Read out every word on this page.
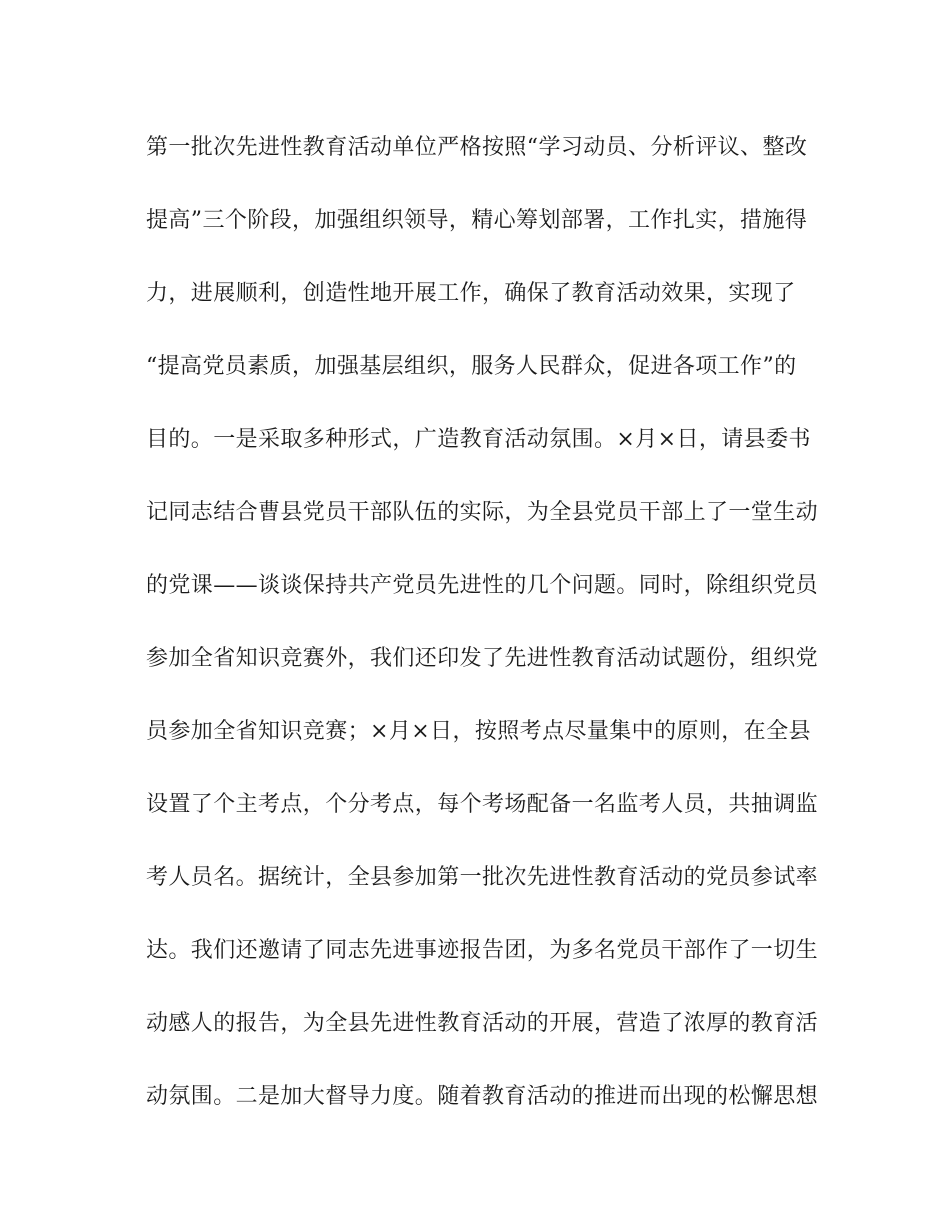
第一批次先进性教育活动单位严格按照“学习动员、分析评议、整改
提高”三个阶段，加强组织领导，精心筹划部署，工作扎实，措施得
力，进展顺利，创造性地开展工作，确保了教育活动效果，实现了
“提高党员素质，加强基层组织，服务人民群众，促进各项工作”的
目的。一是采取多种形式，广造教育活动氛围。×月×日，请县委书
记同志结合曹县党员干部队伍的实际，为全县党员干部上了一堂生动
的党课——谈谈保持共产党员先进性的几个问题。同时，除组织党员
参加全省知识竞赛外，我们还印发了先进性教育活动试题份，组织党
员参加全省知识竞赛；×月×日，按照考点尽量集中的原则，在全县
设置了个主考点，个分考点，每个考场配备一名监考人员，共抽调监
考人员名。据统计，全县参加第一批次先进性教育活动的党员参试率
达。我们还邀请了同志先进事迹报告团，为多名党员干部作了一切生
动感人的报告，为全县先进性教育活动的开展，营造了浓厚的教育活
动氛围。二是加大督导力度。随着教育活动的推进而出现的松懈思想
